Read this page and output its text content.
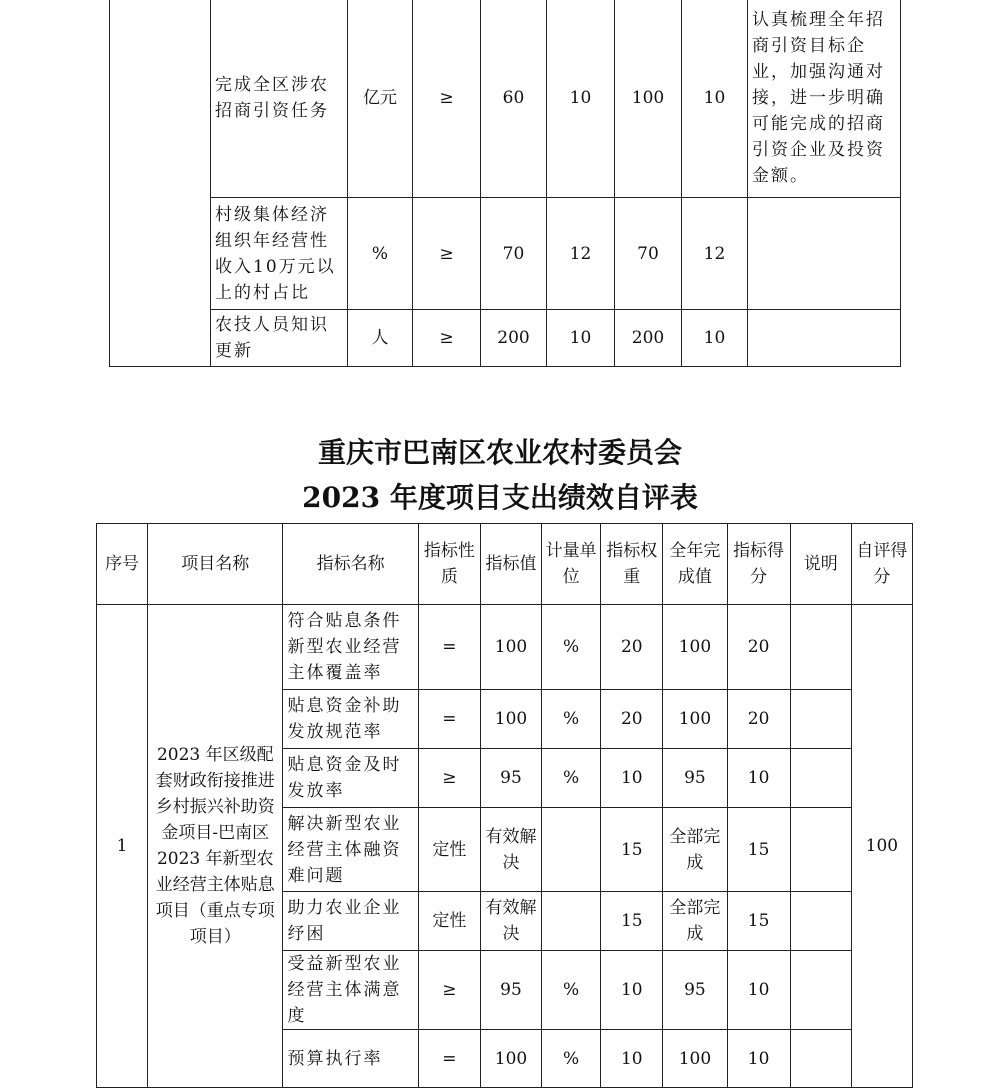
	完成全区涉农招商引资任务	亿元	≥	60	10	100	10	认真梳理全年招商引资目标企业，加强沟通对接，进一步明确可能完成的招商引资企业及投资金额。
	村级集体经济组织年经营性收入10万元以上的村占比	%	≥	70	12	70	12	
	农技人员知识更新	人	≥	200	10	200	10	
重庆市巴南区农业农村委员会
2023 年度项目支出绩效自评表
序号	项目名称	指标名称	指标性质	指标值	计量单位	指标权重	全年完成值	指标得分	说明	自评得分
1	2023 年区级配套财政衔接推进乡村振兴补助资金项目-巴南区 2023 年新型农业经营主体贴息项目（重点专项项目）	符合贴息条件新型农业经营主体覆盖率	=	100	%	20	100	20		100
		贴息资金补助发放规范率	=	100	%	20	100	20		
		贴息资金及时发放率	≥	95	%	10	95	10		
		解决新型农业经营主体融资难问题	定性	有效解决		15	全部完成	15		
		助力农业企业纾困	定性	有效解决		15	全部完成	15		
		受益新型农业经营主体满意度	≥	95	%	10	95	10		
		预算执行率	=	100	%	10	100	10		
